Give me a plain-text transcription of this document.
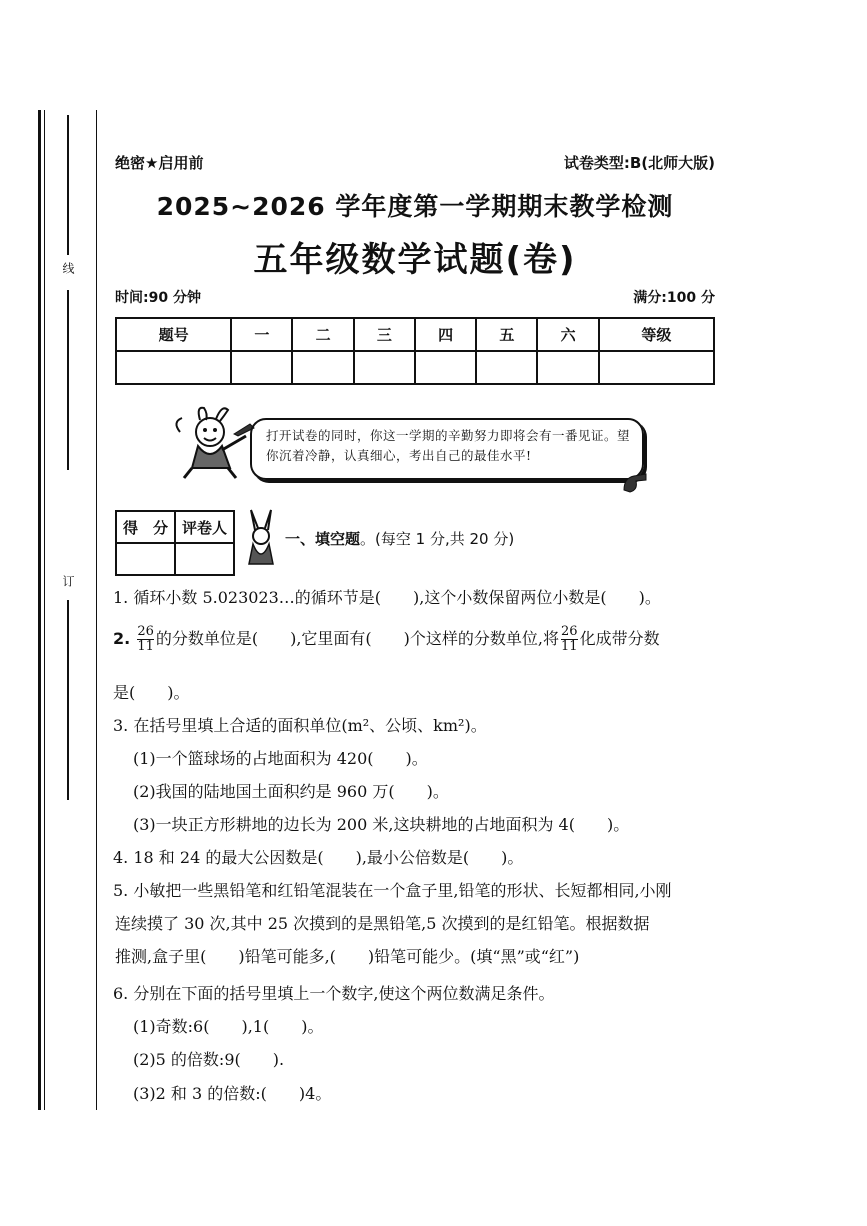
线
订
绝密★启用前	试卷类型:B(北师大版)
2025~2026 学年度第一学期期末教学检测
五年级数学试题(卷)
时间:90 分钟	满分:100 分
题号	一	二	三	四	五	六	等级

打开试卷的同时，你这一学期的辛勤努力即将会有一番见证。望你沉着冷静，认真细心，考出自己的最佳水平!
得　分	评卷人

一、填空题。(每空 1 分,共 20 分)
1. 循环小数 5.023023…的循环节是(　　),这个小数保留两位小数是(　　)。
2. $\frac{26}{11}$ 的分数单位是(　　),它里面有(　　)个这样的分数单位,将 $\frac{26}{11}$ 化成带分数
是(　　)。
3. 在括号里填上合适的面积单位(m²、公顷、km²)。
(1)一个篮球场的占地面积为 420(　　)。
(2)我国的陆地国土面积约是 960 万(　　)。
(3)一块正方形耕地的边长为 200 米,这块耕地的占地面积为 4(　　)。
4. 18 和 24 的最大公因数是(　　),最小公倍数是(　　)。
5. 小敏把一些黑铅笔和红铅笔混装在一个盒子里,铅笔的形状、长短都相同,小刚
连续摸了 30 次,其中 25 次摸到的是黑铅笔,5 次摸到的是红铅笔。根据数据
推测,盒子里(　　)铅笔可能多,(　　)铅笔可能少。(填“黑”或“红”)
6. 分别在下面的括号里填上一个数字,使这个两位数满足条件。
(1)奇数:6(　　),1(　　)。
(2)5 的倍数:9(　　).
(3)2 和 3 的倍数:(　　)4。
